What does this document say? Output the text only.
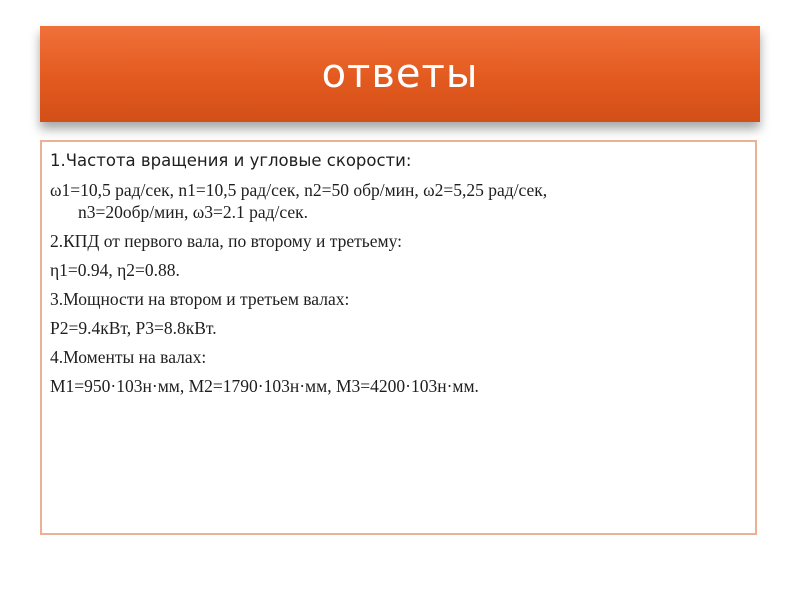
ответы
1.Частота вращения и угловые скорости:
ω1=10,5 рад/сек, n1=10,5 рад/сек, n2=50 обр/мин, ω2=5,25 рад/сек,
n3=20обр/мин, ω3=2.1 рад/сек.
2.КПД от первого вала, по второму и третьему:
η1=0.94, η2=0.88.
3.Мощности на втором и третьем валах:
P2=9.4кВт, P3=8.8кВт.
4.Моменты на валах:
M1=950·103н·мм, M2=1790·103н·мм, M3=4200·103н·мм.
